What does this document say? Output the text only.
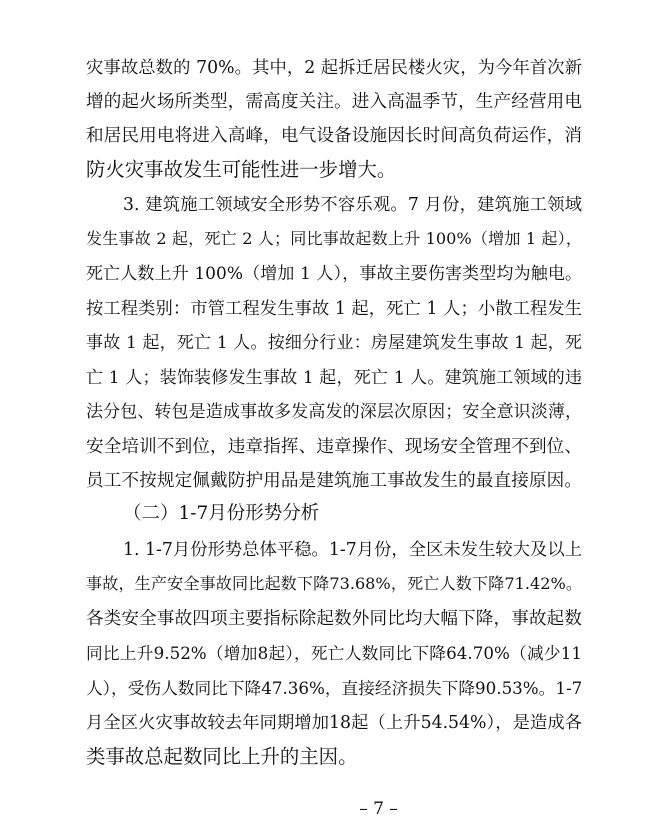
灾事故总数的 70%。其中，2 起拆迁居民楼火灾，为今年首次新
增的起火场所类型，需高度关注。进入高温季节，生产经营用电
和居民用电将进入高峰，电气设备设施因长时间高负荷运作，消
防火灾事故发生可能性进一步增大。
3. 建筑施工领域安全形势不容乐观。7 月份，建筑施工领域
发生事故 2 起，死亡 2 人；同比事故起数上升 100%（增加 1 起），
死亡人数上升 100%（增加 1 人），事故主要伤害类型均为触电。
按工程类别：市管工程发生事故 1 起，死亡 1 人；小散工程发生
事故 1 起，死亡 1 人。按细分行业：房屋建筑发生事故 1 起，死
亡 1 人；装饰装修发生事故 1 起，死亡 1 人。建筑施工领域的违
法分包、转包是造成事故多发高发的深层次原因；安全意识淡薄，
安全培训不到位，违章指挥、违章操作、现场安全管理不到位、
员工不按规定佩戴防护用品是建筑施工事故发生的最直接原因。
（二）1-7月份形势分析
1. 1-7月份形势总体平稳。1-7月份，全区未发生较大及以上
事故，生产安全事故同比起数下降73.68%，死亡人数下降71.42%。
各类安全事故四项主要指标除起数外同比均大幅下降，事故起数
同比上升9.52%（增加8起），死亡人数同比下降64.70%（减少11
人），受伤人数同比下降47.36%，直接经济损失下降90.53%。1-7
月全区火灾事故较去年同期增加18起（上升54.54%），是造成各
类事故总起数同比上升的主因。
– 7 –
